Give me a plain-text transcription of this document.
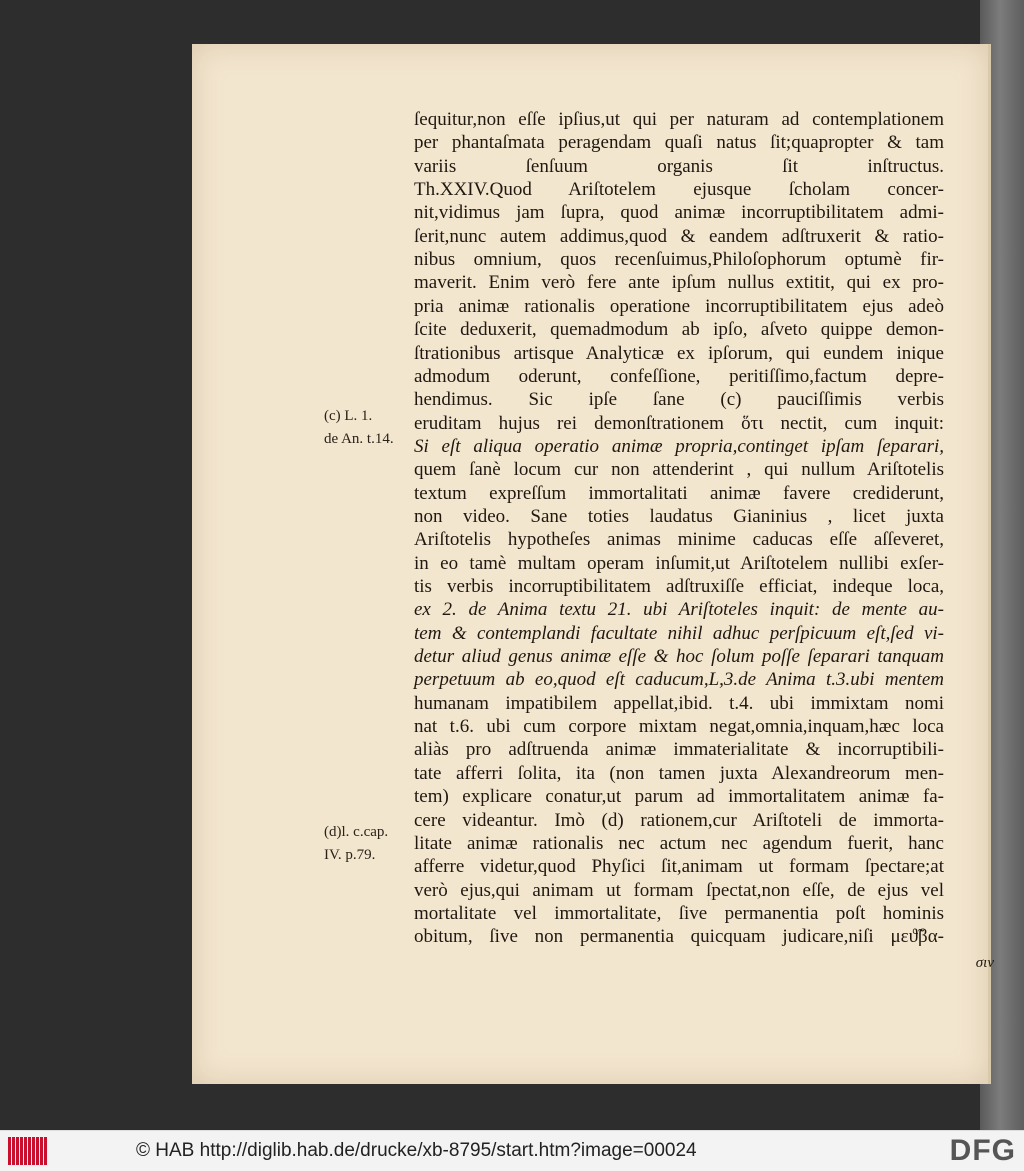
ſequitur,non eſſe ipſius,ut qui per naturam ad contemplationem
per phantaſmata peragendam quaſi natus ſit;quapropter & tam
variis ſenſuum organis ſit inſtructus.
Th.XXIV.Quod Ariſtotelem ejusque ſcholam concer-
nit,vidimus jam ſupra, quod animæ incorruptibilitatem admi-
ſerit,nunc autem addimus,quod & eandem adſtruxerit & ratio-
nibus omnium, quos recenſuimus,Philoſophorum optumè fir-
maverit. Enim verò fere ante ipſum nullus extitit, qui ex pro-
pria animæ rationalis operatione incorruptibilitatem ejus adeò
ſcite deduxerit, quemadmodum ab ipſo, aſveto quippe demon-
ſtrationibus artisque Analyticæ ex ipſorum, qui eundem inique
admodum oderunt, confeſſione, peritiſſimo,factum depre-
hendimus. Sic ipſe ſane (c) pauciſſimis verbis
eruditam hujus rei demonſtrationem ὅτι nectit, cum inquit:
Si eſt aliqua operatio animæ propria,continget ipſam ſeparari,
quem ſanè locum cur non attenderint , qui nullum Ariſtotelis
textum expreſſum immortalitati animæ favere crediderunt,
non video. Sane toties laudatus Gianinius , licet juxta
Ariſtotelis hypotheſes animas minime caducas eſſe aſſeveret,
in eo tamè multam operam inſumit,ut Ariſtotelem nullibi exſer-
tis verbis incorruptibilitatem adſtruxiſſe efficiat, indeque loca,
ex 2. de Anima textu 21. ubi Ariſtoteles inquit: de mente au-
tem & contemplandi facultate nihil adhuc perſpicuum eſt,ſed vi-
detur aliud genus animæ eſſe & hoc ſolum poſſe ſeparari tanquam
perpetuum ab eo,quod eſt caducum,L,3.de Anima t.3.ubi mentem
humanam impatibilem appellat,ibid. t.4. ubi immixtam nomi
nat t.6. ubi cum corpore mixtam negat,omnia,inquam,hæc loca
aliàs pro adſtruenda animæ immaterialitate & incorruptibili-
tate afferri ſolita, ita (non tamen juxta Alexandreorum men-
tem) explicare conatur,ut parum ad immortalitatem animæ fa-
cere videantur. Imò (d) rationem,cur Ariſtoteli de immorta-
litate animæ rationalis nec actum nec agendum fuerit, hanc
afferre videtur,quod Phyſici ſit,animam ut formam ſpectare;at
verò ejus,qui animam ut formam ſpectat,non eſſe, de ejus vel
mortalitate vel immortalitate, ſive permanentia poſt hominis
obitum, ſive non permanentia quicquam judicare,niſi μεϑ̃βα-
(c) L. 1.
de An. t.14.
(d)l. c.cap.
IV. p.79.
σιν
© HAB http://diglib.hab.de/drucke/xb-8795/start.htm?image=00024	DFG
